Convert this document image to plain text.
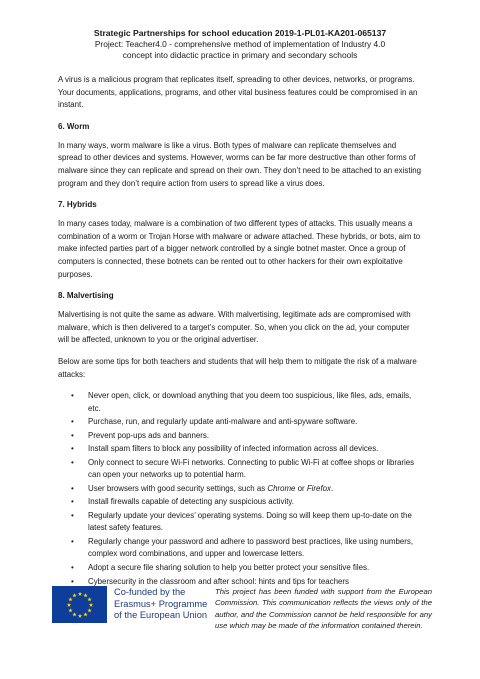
Strategic Partnerships for school education 2019-1-PL01-KA201-065137
Project: Teacher4.0 - comprehensive method of implementation of Industry 4.0
concept into didactic practice in primary and secondary schools

A virus is a malicious program that replicates itself, spreading to other devices, networks, or programs. Your documents, applications, programs, and other vital business features could be compromised in an instant.

6. Worm

In many ways, worm malware is like a virus. Both types of malware can replicate themselves and spread to other devices and systems. However, worms can be far more destructive than other forms of malware since they can replicate and spread on their own. They don’t need to be attached to an existing program and they don’t require action from users to spread like a virus does.

7. Hybrids

In many cases today, malware is a combination of two different types of attacks. This usually means a combination of a worm or Trojan Horse with malware or adware attached. These hybrids, or bots, aim to make infected parties part of a bigger network controlled by a single botnet master. Once a group of computers is connected, these botnets can be rented out to other hackers for their own exploitative purposes.

8. Malvertising

Malvertising is not quite the same as adware. With malvertising, legitimate ads are compromised with malware, which is then delivered to a target’s computer. So, when you click on the ad, your computer will be affected, unknown to you or the original advertiser.

Below are some tips for both teachers and students that will help them to mitigate the risk of a malware attacks:

• Never open, click, or download anything that you deem too suspicious, like files, ads, emails, etc.
• Purchase, run, and regularly update anti-malware and anti-spyware software.
• Prevent pop-ups ads and banners.
• Install spam filters to block any possibility of infected information across all devices.
• Only connect to secure Wi-Fi networks. Connecting to public Wi-Fi at coffee shops or libraries can open your networks up to potential harm.
• User browsers with good security settings, such as Chrome or Firefox.
• Install firewalls capable of detecting any suspicious activity.
• Regularly update your devices’ operating systems. Doing so will keep them up-to-date on the latest safety features.
• Regularly change your password and adhere to password best practices, like using numbers, complex word combinations, and upper and lowercase letters.
• Adopt a secure file sharing solution to help you better protect your sensitive files.
• Cybersecurity in the classroom and after school: hints and tips for teachers
Co-funded by the
Erasmus+ Programme
of the European Union
This project has been funded with support from the European Commission. This communication reflects the views only of the author, and the Commission cannot be held responsible for any use which may be made of the information contained therein.
